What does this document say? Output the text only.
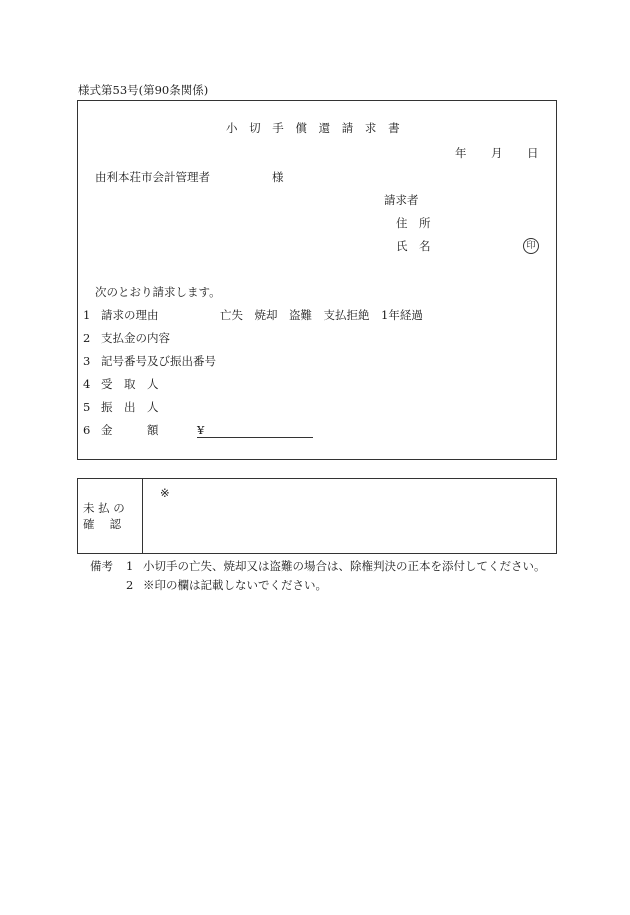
様式第53号(第90条関係)
小 切 手 償 還 請 求 書
年 月 日
由利本荘市会計管理者	様
請求者
住　所
氏　名	印
次のとおり請求します。
1 請求の理由	亡失　焼却　盗難　支払拒絶　1年経過
2 支払金の内容
3 記号番号及び振出番号
4 受　取　人
5 振　出　人
6 金　　　額	¥
未 払 の
確　 認
※
備考 1 小切手の亡失、焼却又は盗難の場合は、除権判決の正本を添付してください。
2 ※印の欄は記載しないでください。
